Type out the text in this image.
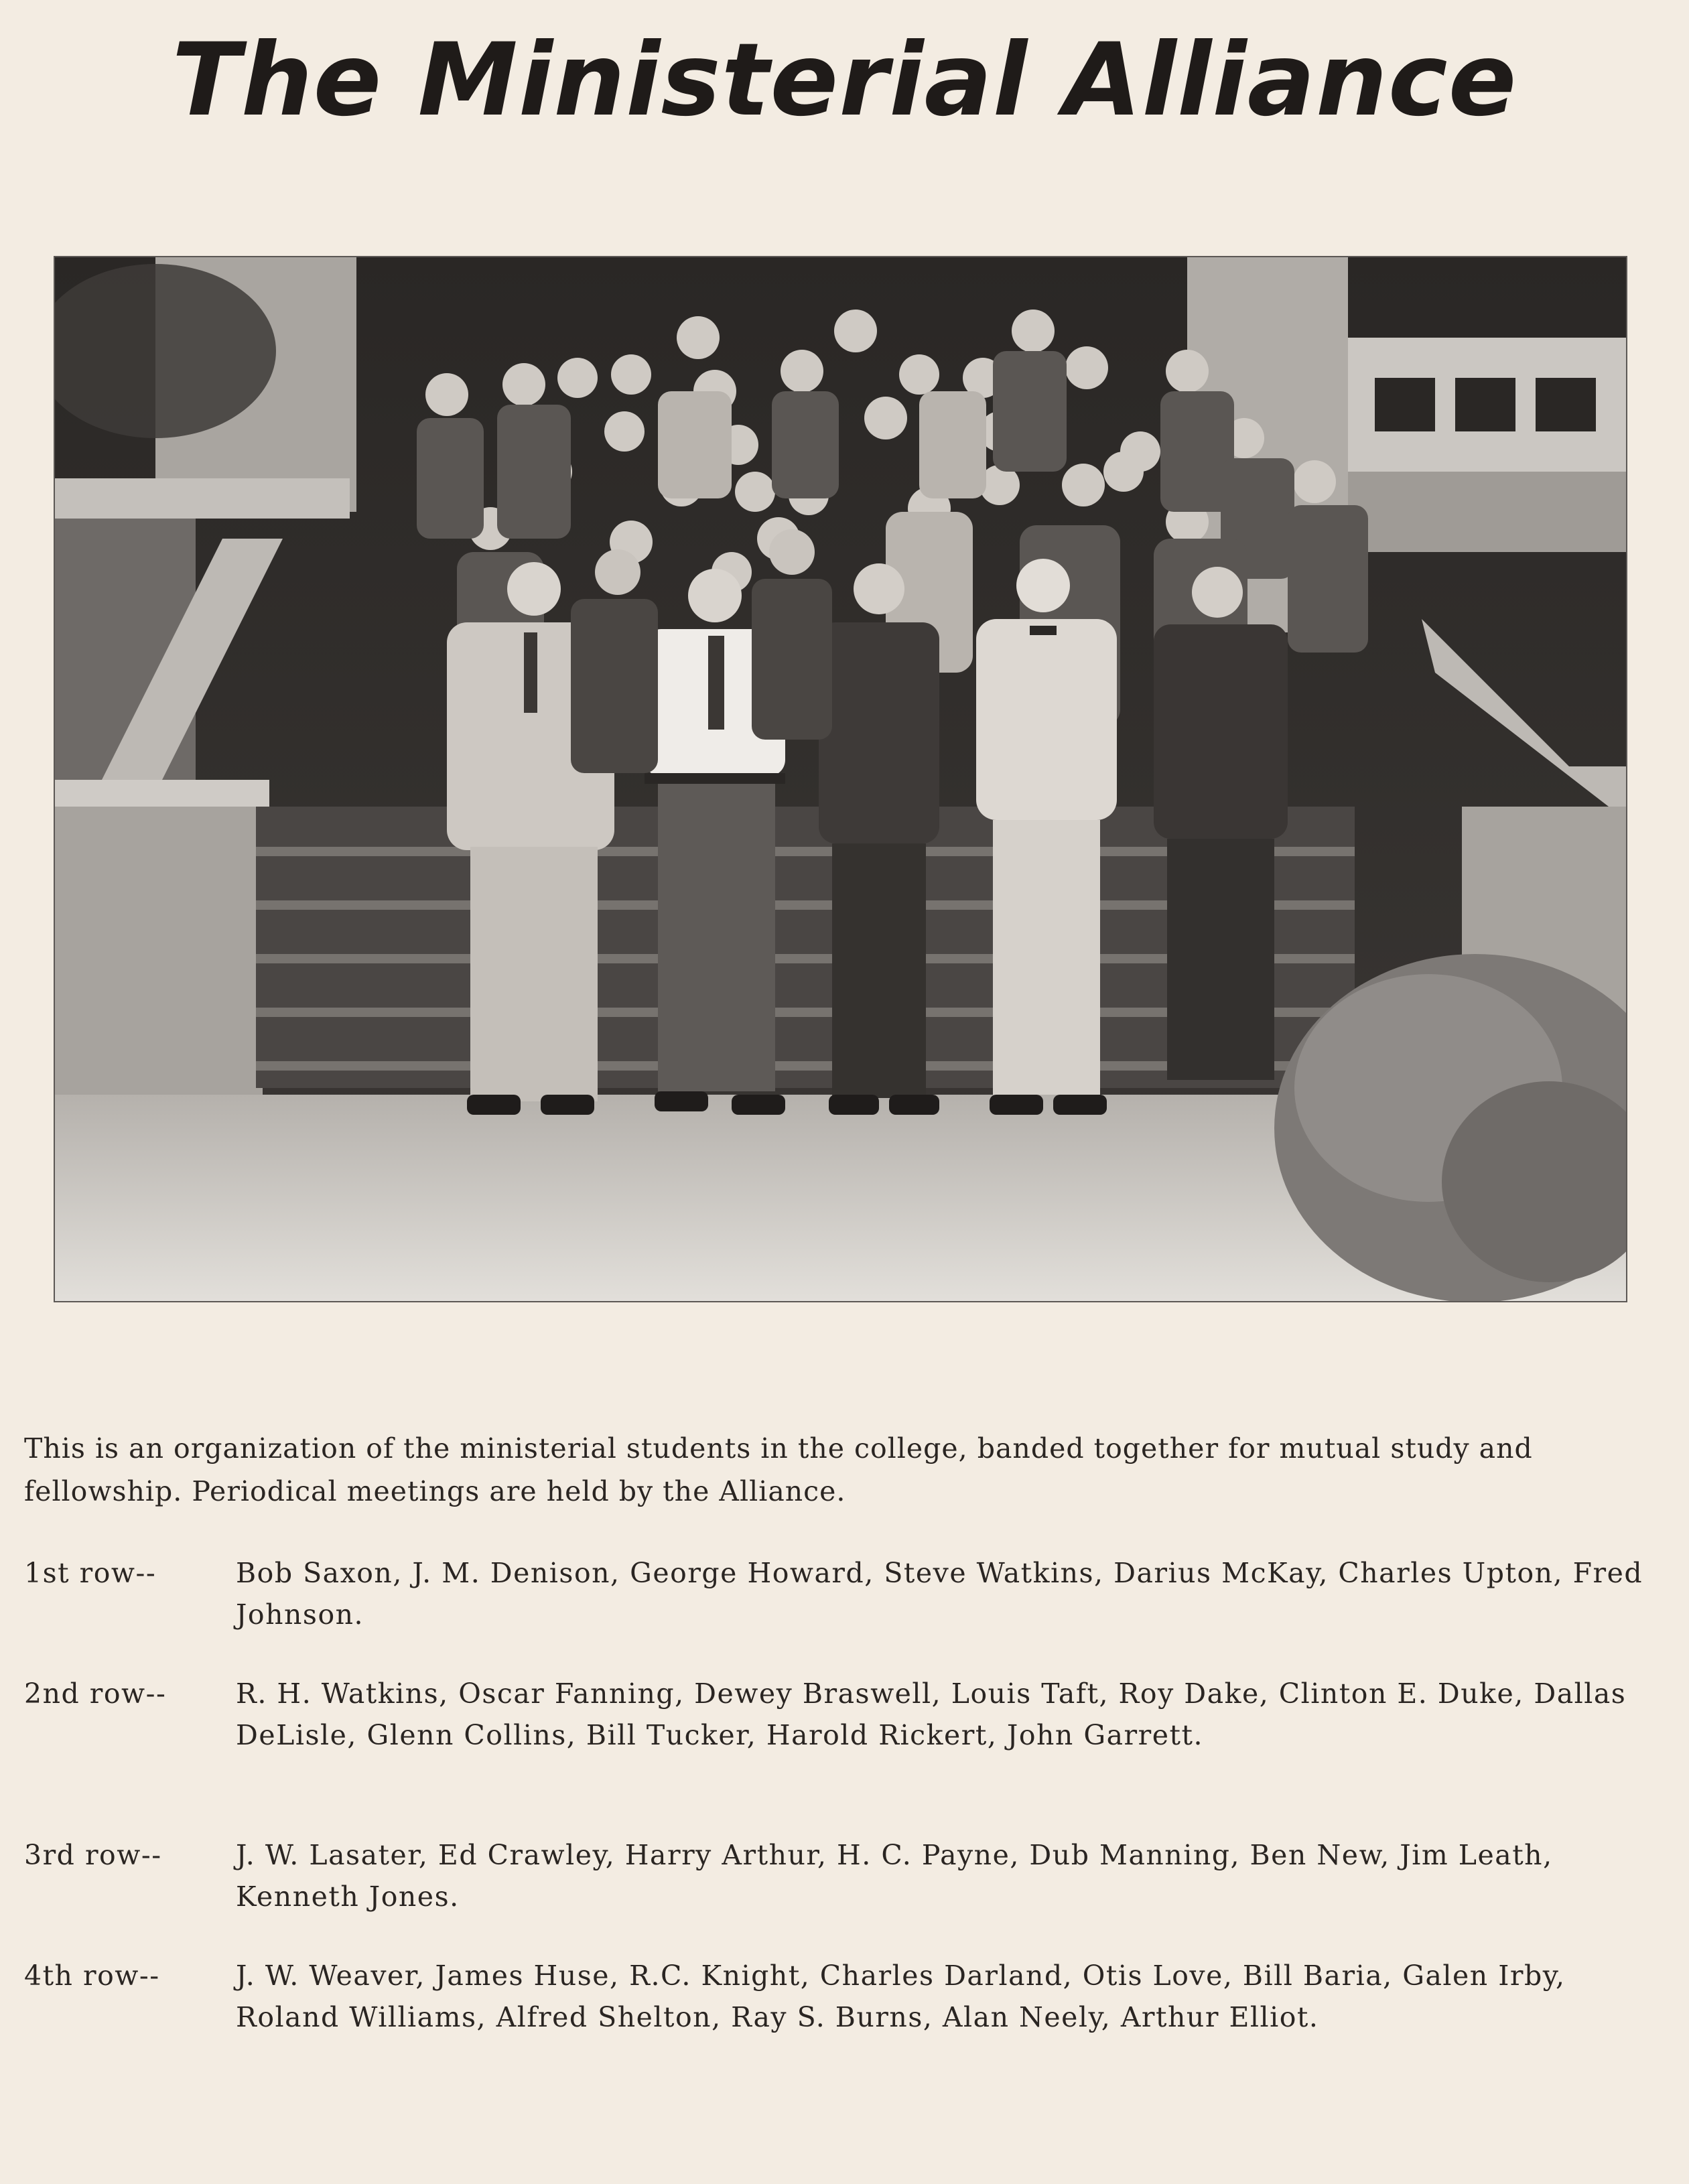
The Ministerial Alliance
This is an organization of the ministerial students in the college, banded together for mutual study and fellowship. Periodical meetings are held by the Alliance.
1st row--	Bob Saxon, J. M. Denison, George Howard, Steve Watkins, Darius McKay, Charles Upton, Fred Johnson.
2nd row--	R. H. Watkins, Oscar Fanning, Dewey Braswell, Louis Taft, Roy Dake, Clinton E. Duke, Dallas DeLisle, Glenn Collins, Bill Tucker, Harold Rickert, John Garrett.
3rd row--	J. W. Lasater, Ed Crawley, Harry Arthur, H. C. Payne, Dub Manning, Ben New, Jim Leath, Kenneth Jones.
4th row--	J. W. Weaver, James Huse, R.C. Knight, Charles Darland, Otis Love, Bill Baria, Galen Irby, Roland Williams, Alfred Shelton, Ray S. Burns, Alan Neely, Arthur Elliot.
